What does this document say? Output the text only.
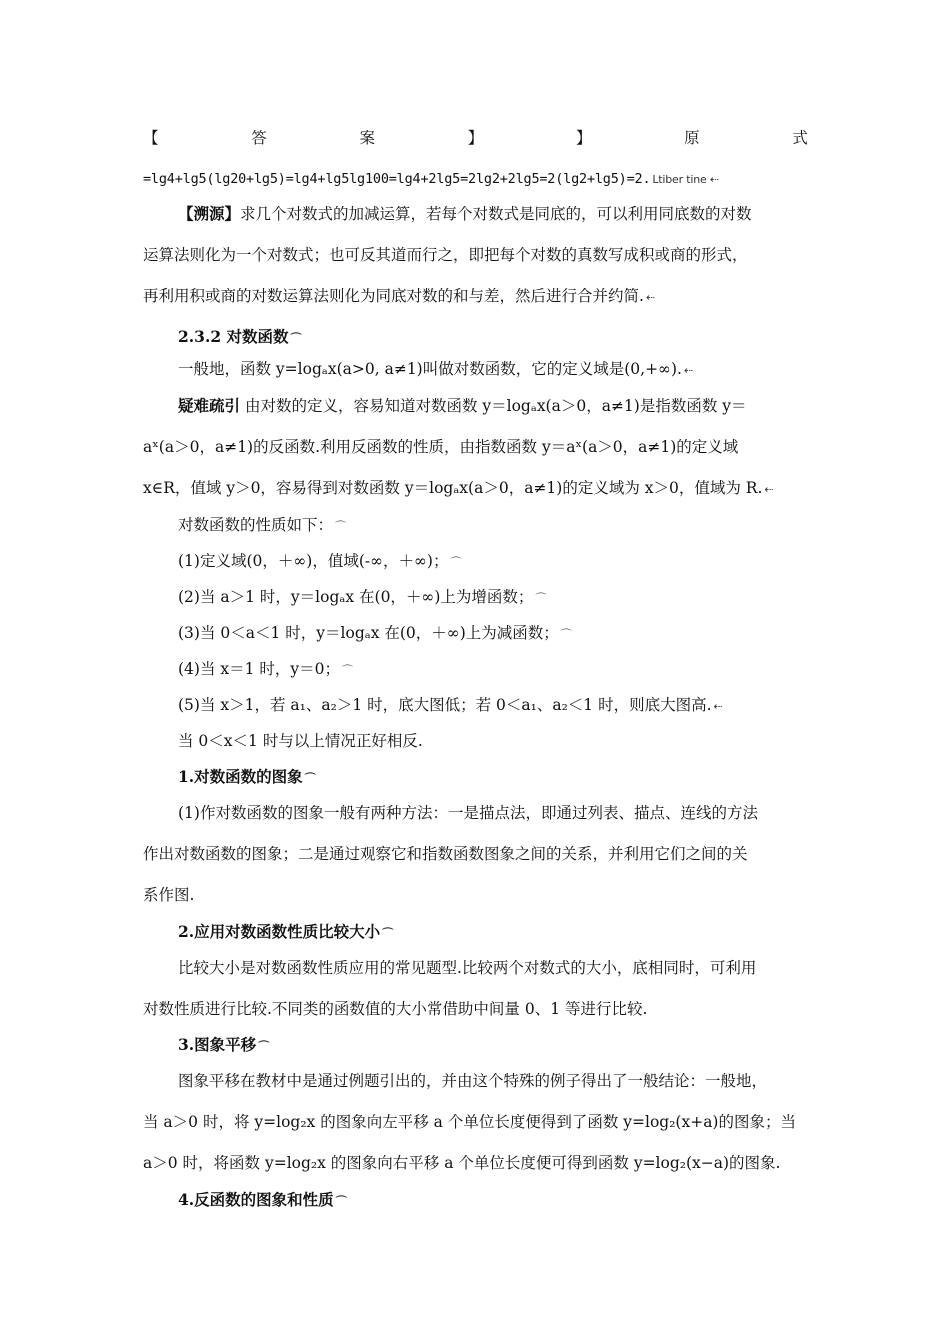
【	答	案	】	】	原	式
=lg4+lg5(lg20+lg5)=lg4+lg5lg100=lg4+2lg5=2lg2+2lg5=2(lg2+lg5)=2. Ltiber tine ⇠
【溯源】求几个对数式的加减运算，若每个对数式是同底的，可以利用同底数的对数
运算法则化为一个对数式；也可反其道而行之，即把每个对数的真数写成积或商的形式，
再利用积或商的对数运算法则化为同底对数的和与差，然后进行合并约简. ⇠
2.3.2 对数函数 ⌒
一般地，函数 y=logₐx(a>0, a≠1)叫做对数函数，它的定义域是(0,+∞). ⇠
疑难疏引 由对数的定义，容易知道对数函数 y＝logₐx(a＞0，a≠1)是指数函数 y＝
aˣ(a＞0，a≠1)的反函数.利用反函数的性质，由指数函数 y＝aˣ(a＞0，a≠1)的定义域
x∈R，值域 y＞0，容易得到对数函数 y＝logₐx(a＞0，a≠1)的定义域为 x＞0，值域为 R. ⇠
对数函数的性质如下： ⌒
(1)定义域(0，＋∞)，值域(-∞，＋∞)； ⌒
(2)当 a＞1 时，y＝logₐx 在(0，＋∞)上为增函数； ⌒
(3)当 0＜a＜1 时，y＝logₐx 在(0，＋∞)上为减函数； ⌒
(4)当 x＝1 时，y＝0； ⌒
(5)当 x＞1，若 a₁、a₂＞1 时，底大图低；若 0＜a₁、a₂＜1 时，则底大图高. ⇠
当 0＜x＜1 时与以上情况正好相反.
1.对数函数的图象 ⌒
(1)作对数函数的图象一般有两种方法：一是描点法，即通过列表、描点、连线的方法
作出对数函数的图象；二是通过观察它和指数函数图象之间的关系，并利用它们之间的关
系作图.
2.应用对数函数性质比较大小 ⌒
比较大小是对数函数性质应用的常见题型.比较两个对数式的大小，底相同时，可利用
对数性质进行比较.不同类的函数值的大小常借助中间量 0、1 等进行比较.
3.图象平移 ⌒
图象平移在教材中是通过例题引出的，并由这个特殊的例子得出了一般结论：一般地，
当 a＞0 时，将 y=log₂x 的图象向左平移 a 个单位长度便得到了函数 y=log₂(x+a)的图象；当
a＞0 时，将函数 y=log₂x 的图象向右平移 a 个单位长度便可得到函数 y=log₂(x−a)的图象.
4.反函数的图象和性质 ⌒
